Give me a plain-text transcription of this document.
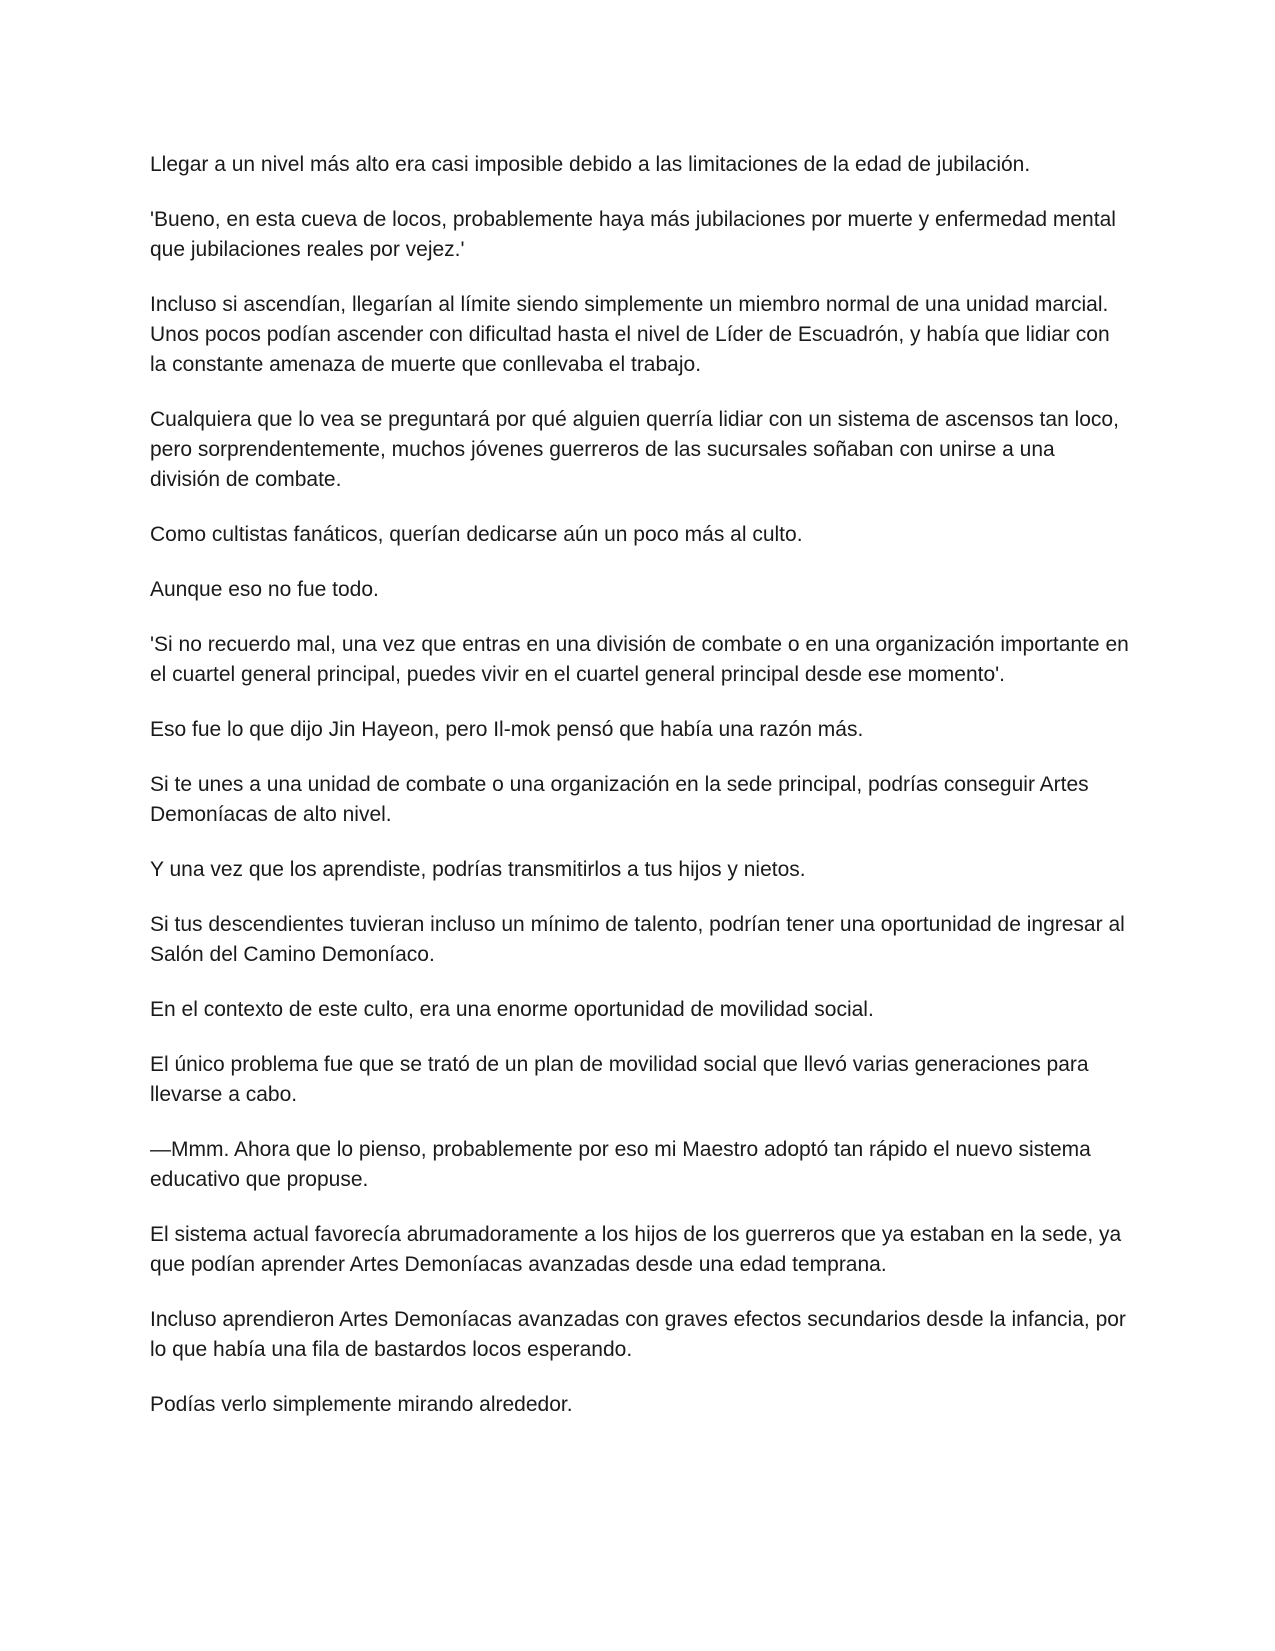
Llegar a un nivel más alto era casi imposible debido a las limitaciones de la edad de jubilación.

'Bueno, en esta cueva de locos, probablemente haya más jubilaciones por muerte y enfermedad mental que jubilaciones reales por vejez.'

Incluso si ascendían, llegarían al límite siendo simplemente un miembro normal de una unidad marcial. Unos pocos podían ascender con dificultad hasta el nivel de Líder de Escuadrón, y había que lidiar con la constante amenaza de muerte que conllevaba el trabajo.

Cualquiera que lo vea se preguntará por qué alguien querría lidiar con un sistema de ascensos tan loco, pero sorprendentemente, muchos jóvenes guerreros de las sucursales soñaban con unirse a una división de combate.

Como cultistas fanáticos, querían dedicarse aún un poco más al culto.

Aunque eso no fue todo.

'Si no recuerdo mal, una vez que entras en una división de combate o en una organización importante en el cuartel general principal, puedes vivir en el cuartel general principal desde ese momento'.

Eso fue lo que dijo Jin Hayeon, pero Il-mok pensó que había una razón más.

Si te unes a una unidad de combate o una organización en la sede principal, podrías conseguir Artes Demoníacas de alto nivel.

Y una vez que los aprendiste, podrías transmitirlos a tus hijos y nietos.

Si tus descendientes tuvieran incluso un mínimo de talento, podrían tener una oportunidad de ingresar al Salón del Camino Demoníaco.

En el contexto de este culto, era una enorme oportunidad de movilidad social.

El único problema fue que se trató de un plan de movilidad social que llevó varias generaciones para llevarse a cabo.

—Mmm. Ahora que lo pienso, probablemente por eso mi Maestro adoptó tan rápido el nuevo sistema educativo que propuse.

El sistema actual favorecía abrumadoramente a los hijos de los guerreros que ya estaban en la sede, ya que podían aprender Artes Demoníacas avanzadas desde una edad temprana.

Incluso aprendieron Artes Demoníacas avanzadas con graves efectos secundarios desde la infancia, por lo que había una fila de bastardos locos esperando.

Podías verlo simplemente mirando alrededor.
